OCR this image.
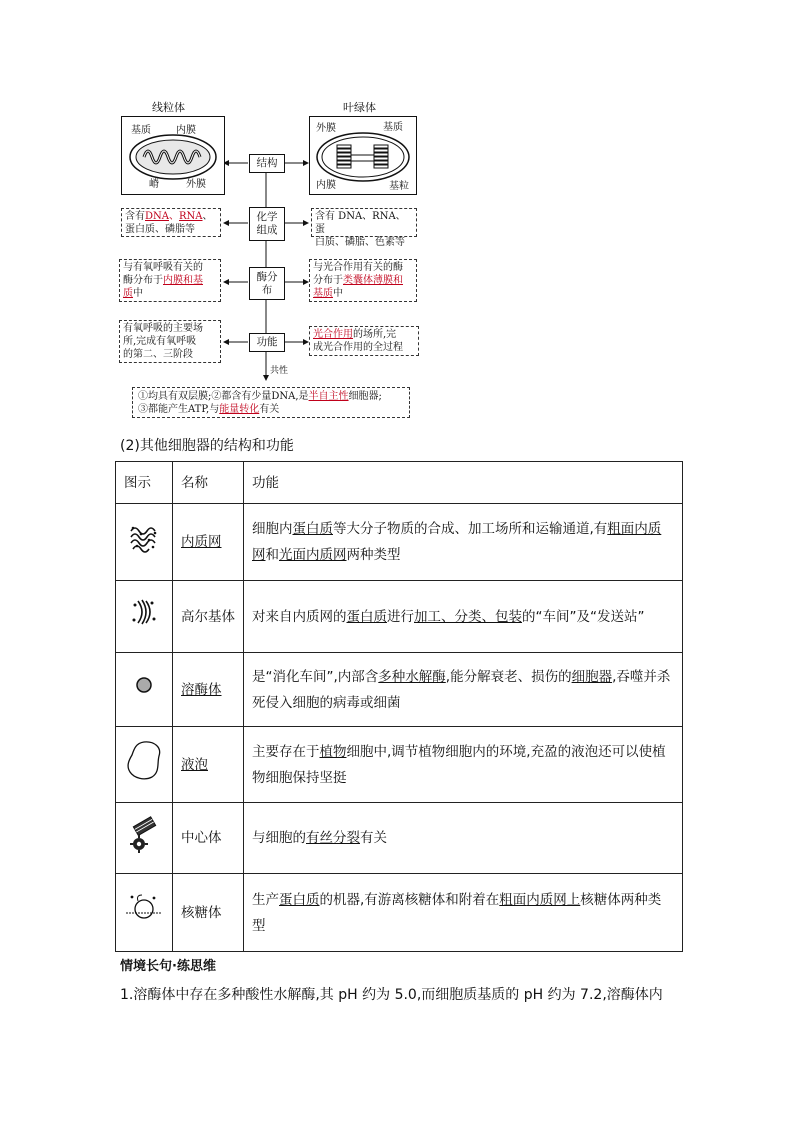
线粒体	叶绿体
基质	内膜
嵴	外膜
外膜	基质
内膜	基粒
结构
化学组成
酶分布
功能
共性
含有DNA、RNA、
蛋白质、磷脂等
含有 DNA、RNA、蛋
白质、磷脂、色素等
与有氧呼吸有关的
酶分布于内膜和基
质中
与光合作用有关的酶
分布于类囊体薄膜和
基质中
有氧呼吸的主要场
所,完成有氧呼吸
的第二、三阶段
光合作用的场所,完
成光合作用的全过程
①均具有双层膜;②都含有少量DNA,是半自主性细胞器;
③都能产生ATP,与能量转化有关
(2)其他细胞器的结构和功能
图示	名称	功能
	内质网	细胞内蛋白质等大分子物质的合成、加工场所和运输通道,有粗面内质网和光面内质网两种类型
	高尔基体	对来自内质网的蛋白质进行加工、分类、包装的“车间”及“发送站”
	溶酶体	是“消化车间”,内部含多种水解酶,能分解衰老、损伤的细胞器,吞噬并杀死侵入细胞的病毒或细菌
	液泡	主要存在于植物细胞中,调节植物细胞内的环境,充盈的液泡还可以使植物细胞保持坚挺
	中心体	与细胞的有丝分裂有关
	核糖体	生产蛋白质的机器,有游离核糖体和附着在粗面内质网上核糖体两种类型
情境长句·练思维
1.溶酶体中存在多种酸性水解酶,其 pH 约为 5.0,而细胞质基质的 pH 约为 7.2,溶酶体内
